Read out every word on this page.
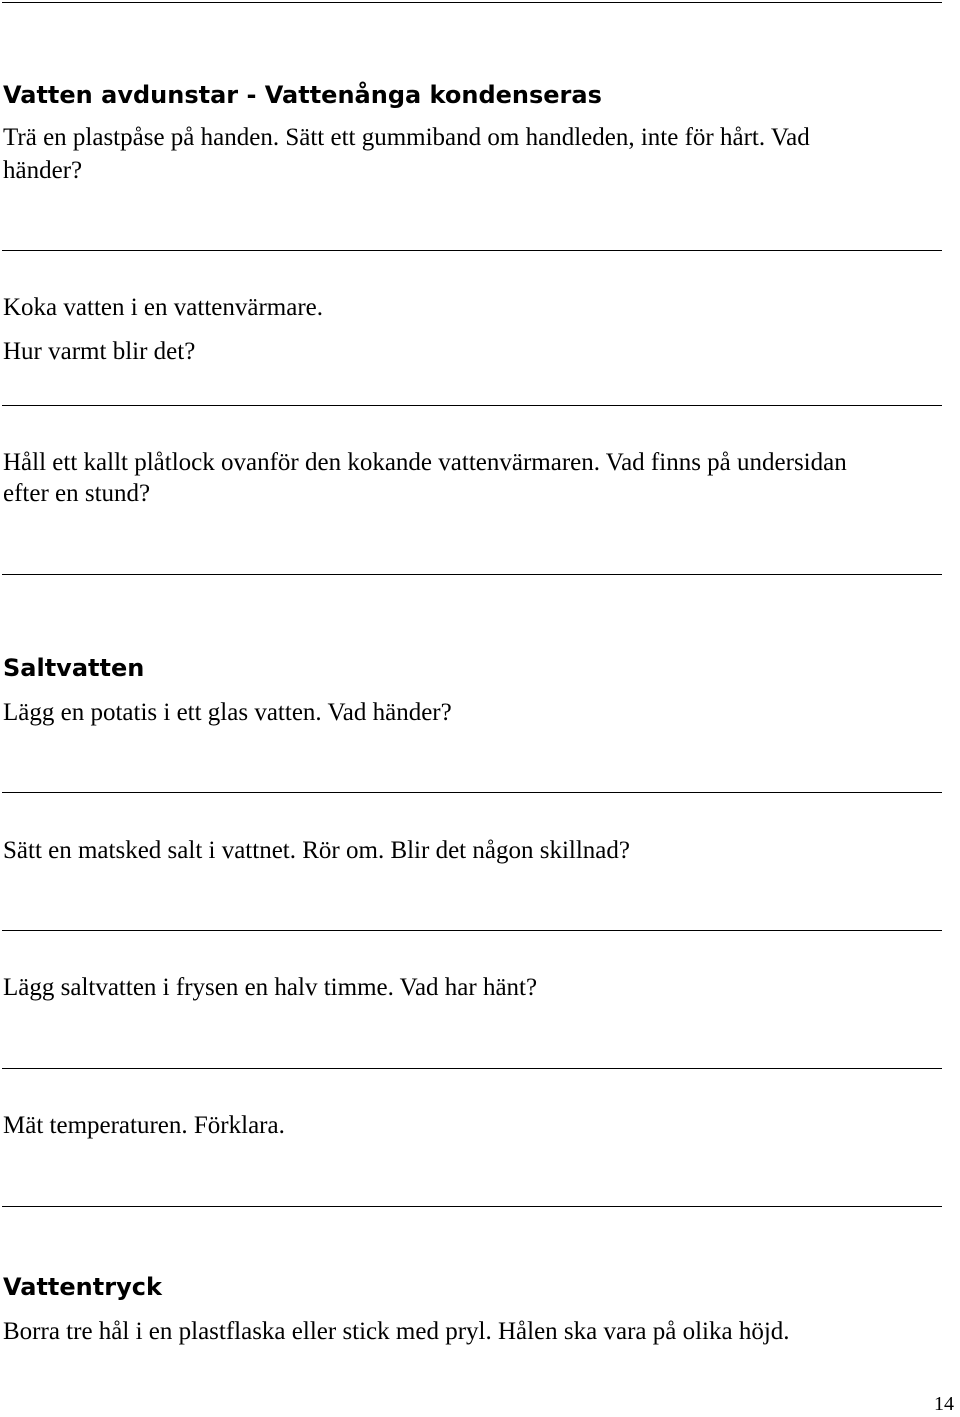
Vatten avdunstar - Vattenånga kondenseras

Trä en plastpåse på handen. Sätt ett gummiband om handleden, inte för hårt. Vad

händer?

Koka vatten i en vattenvärmare.

Hur varmt blir det?

Håll ett kallt plåtlock ovanför den kokande vattenvärmaren. Vad finns på undersidan

efter en stund?

Saltvatten

Lägg en potatis i ett glas vatten. Vad händer?

Sätt en matsked salt i vattnet. Rör om. Blir det någon skillnad?

Lägg saltvatten i frysen en halv timme. Vad har hänt?

Mät temperaturen. Förklara.

Vattentryck

Borra tre hål i en plastflaska eller stick med pryl. Hålen ska vara på olika höjd.

14
